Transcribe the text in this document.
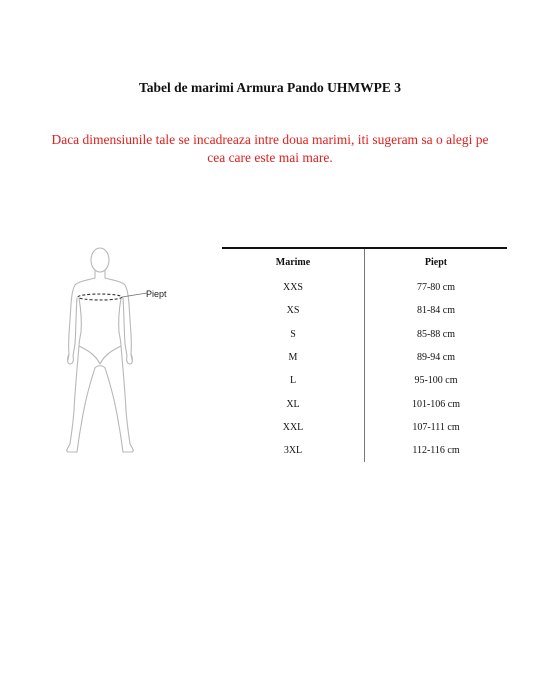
Tabel de marimi Armura Pando UHMWPE 3
Daca dimensiunile tale se incadreaza intre doua marimi, iti sugeram sa o alegi pe
cea care este mai mare.
Piept
Marime	Piept
XXS	77-80 cm
XS	81-84 cm
S	85-88 cm
M	89-94 cm
L	95-100 cm
XL	101-106 cm
XXL	107-111 cm
3XL	112-116 cm
